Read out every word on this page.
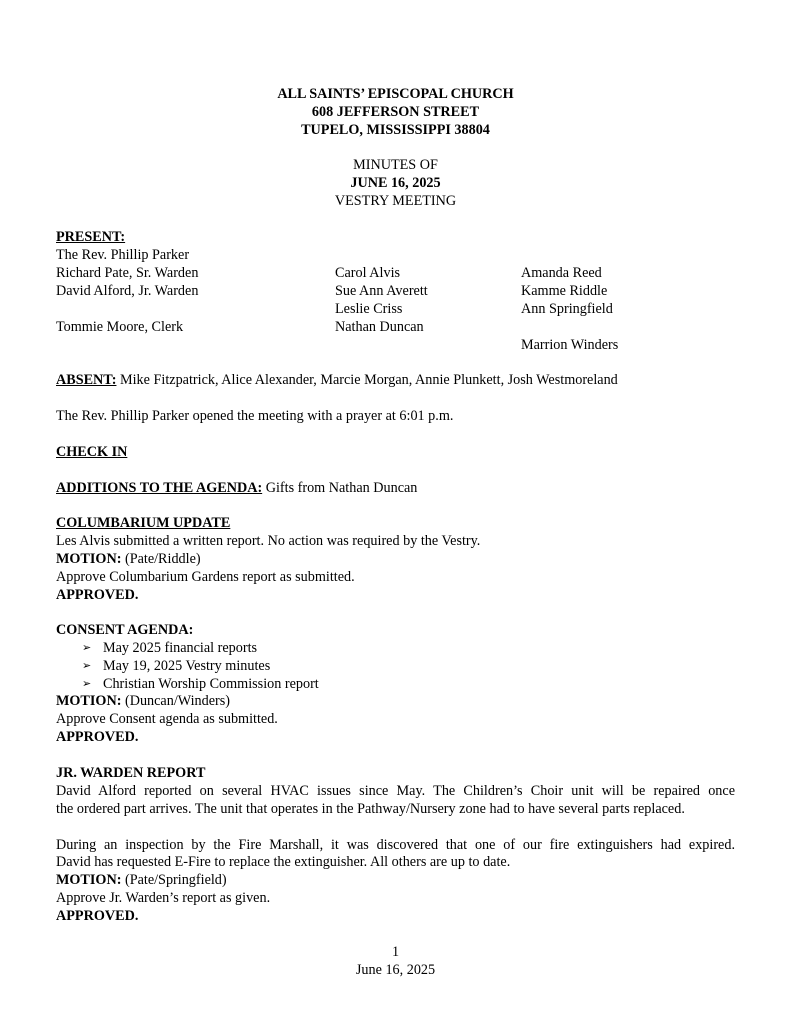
ALL SAINTS’ EPISCOPAL CHURCH
608 JEFFERSON STREET
TUPELO, MISSISSIPPI 38804
MINUTES OF
JUNE 16, 2025
VESTRY MEETING
PRESENT:
The Rev. Phillip Parker
Richard Pate, Sr. Warden
David Alford, Jr. Warden
Tommie Moore, Clerk
Carol Alvis
Sue Ann Averett
Leslie Criss
Nathan Duncan
Amanda Reed
Kamme Riddle
Ann Springfield
Marrion Winders
ABSENT: Mike Fitzpatrick, Alice Alexander, Marcie Morgan, Annie Plunkett, Josh Westmoreland
The Rev. Phillip Parker opened the meeting with a prayer at 6:01 p.m.
CHECK IN
ADDITIONS TO THE AGENDA: Gifts from Nathan Duncan
COLUMBARIUM UPDATE
Les Alvis submitted a written report. No action was required by the Vestry.
MOTION: (Pate/Riddle)
Approve Columbarium Gardens report as submitted.
APPROVED.
CONSENT AGENDA:
➢ May 2025 financial reports
➢ May 19, 2025 Vestry minutes
➢ Christian Worship Commission report
MOTION: (Duncan/Winders)
Approve Consent agenda as submitted.
APPROVED.
JR. WARDEN REPORT
David Alford reported on several HVAC issues since May. The Children’s Choir unit will be repaired once
the ordered part arrives. The unit that operates in the Pathway/Nursery zone had to have several parts replaced.
During an inspection by the Fire Marshall, it was discovered that one of our fire extinguishers had expired.
David has requested E-Fire to replace the extinguisher. All others are up to date.
MOTION: (Pate/Springfield)
Approve Jr. Warden’s report as given.
APPROVED.
1
June 16, 2025
